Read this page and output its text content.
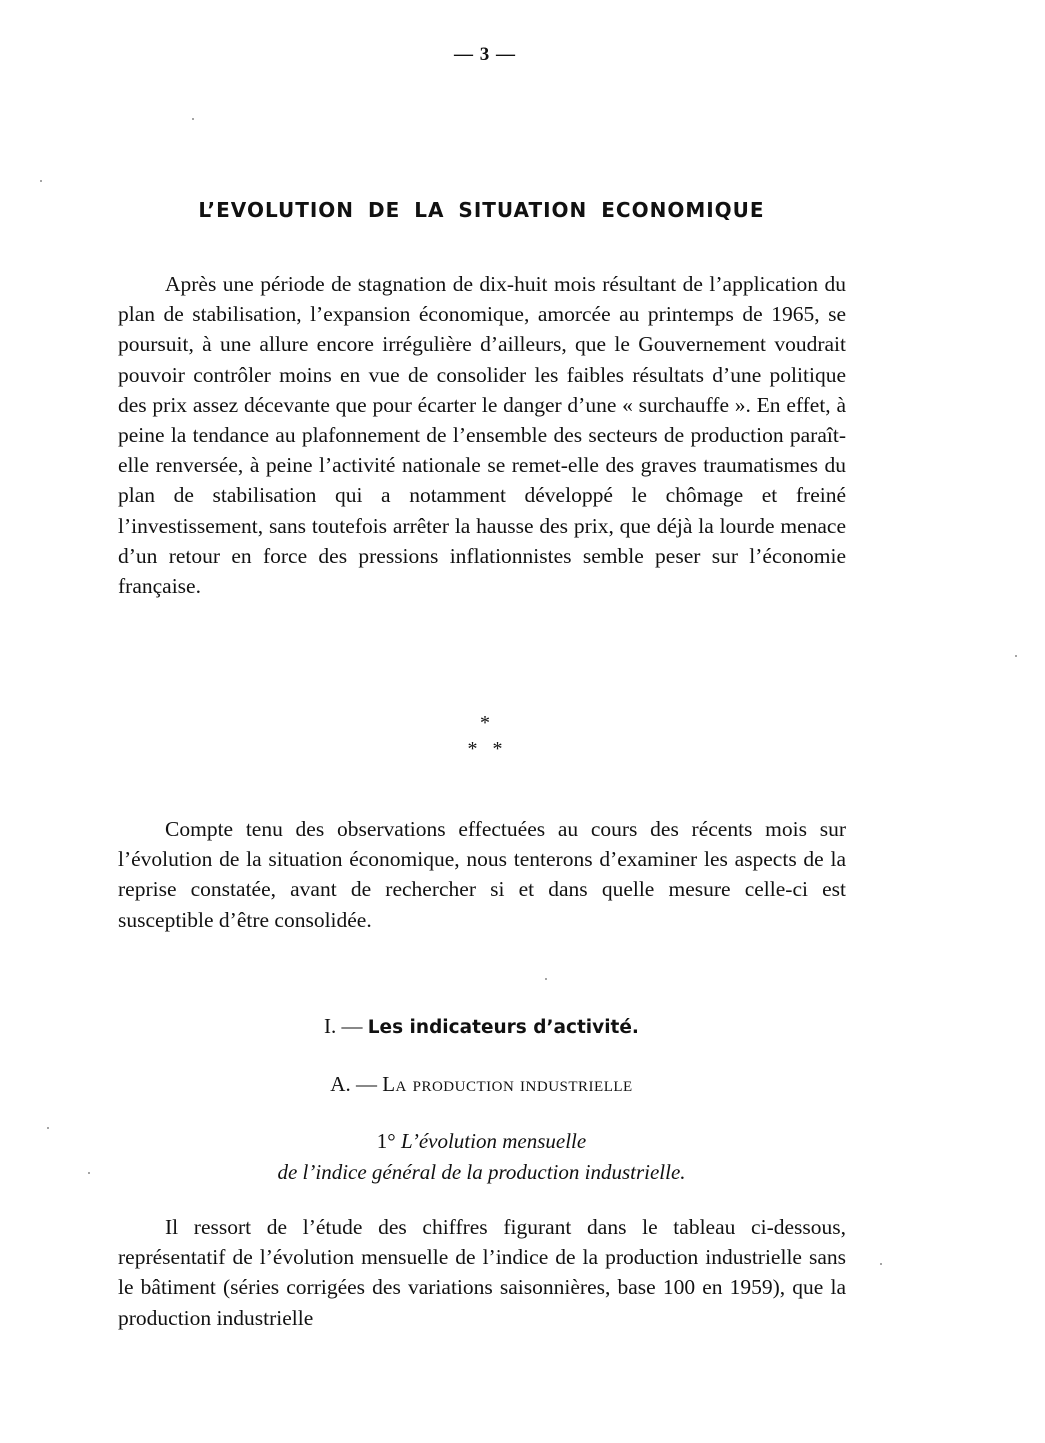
— 3 —
L’EVOLUTION DE LA SITUATION ECONOMIQUE

Après une période de stagnation de dix-huit mois résultant de l’application du plan de stabilisation, l’expansion économique, amorcée au printemps de 1965, se poursuit, à une allure encore irrégulière d’ailleurs, que le Gouvernement voudrait pouvoir contrôler moins en vue de consolider les faibles résultats d’une politique des prix assez décevante que pour écarter le danger d’une « surchauffe ». En effet, à peine la tendance au plafonnement de l’ensemble des secteurs de production paraît-elle renversée, à peine l’activité nationale se remet-elle des graves traumatismes du plan de stabilisation qui a notamment développé le chômage et freiné l’investissement, sans toutefois arrêter la hausse des prix, que déjà la lourde menace d’un retour en force des pressions inflationnistes semble peser sur l’économie française.

*
* *

Compte tenu des observations effectuées au cours des récents mois sur l’évolution de la situation économique, nous tenterons d’examiner les aspects de la reprise constatée, avant de rechercher si et dans quelle mesure celle-ci est susceptible d’être consolidée.

I. — Les indicateurs d’activité.
A. — La production industrielle
1° L’évolution mensuelle
de l’indice général de la production industrielle.

Il ressort de l’étude des chiffres figurant dans le tableau ci-dessous, représentatif de l’évolution mensuelle de l’indice de la production industrielle sans le bâtiment (séries corrigées des variations saisonnières, base 100 en 1959), que la production industrielle
